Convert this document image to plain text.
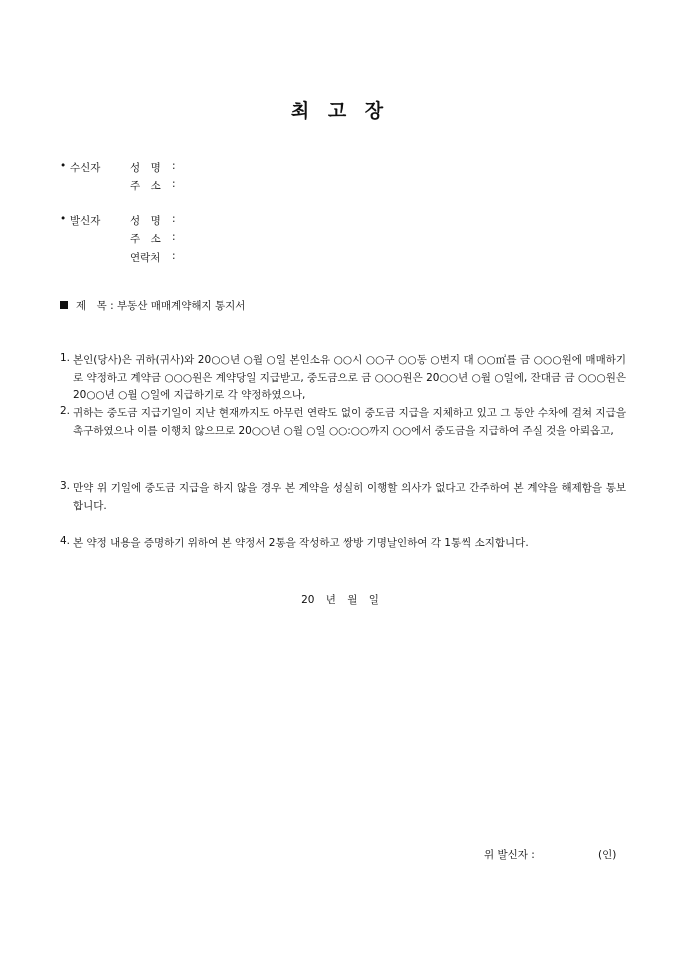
최 고 장
• 수신자	성　명	:
주　소	:
• 발신자	성　명	:
주　소	:
연락처	:
제　목 : 부동산 매매계약해지 통지서
1. 본인(당사)은 귀하(귀사)와 20○○년 ○월 ○일 본인소유 ○○시 ○○구 ○○동 ○번지 대 ○○㎡를 금 ○○○원에 매매하기로 약정하고 계약금 ○○○원은 계약당일 지급받고, 중도금으로 금 ○○○원은 20○○년 ○월 ○일에, 잔대금 금 ○○○원은 20○○년 ○월 ○일에 지급하기로 각 약정하였으나,
2. 귀하는 중도금 지급기일이 지난 현재까지도 아무런 연락도 없이 중도금 지급을 지체하고 있고 그 동안 수차에 걸쳐 지급을 촉구하였으나 이를 이행치 않으므로 20○○년 ○월 ○일 ○○:○○까지 ○○에서 중도금을 지급하여 주실 것을 아뢰옵고,
3. 만약 위 기일에 중도금 지급을 하지 않을 경우 본 계약을 성실히 이행할 의사가 없다고 간주하여 본 계약을 해제함을 통보합니다.
4. 본 약정 내용을 증명하기 위하여 본 약정서 2통을 작성하고 쌍방 기명날인하여 각 1통씩 소지합니다.
20 년 월 일
위 발신자 :	(인)
